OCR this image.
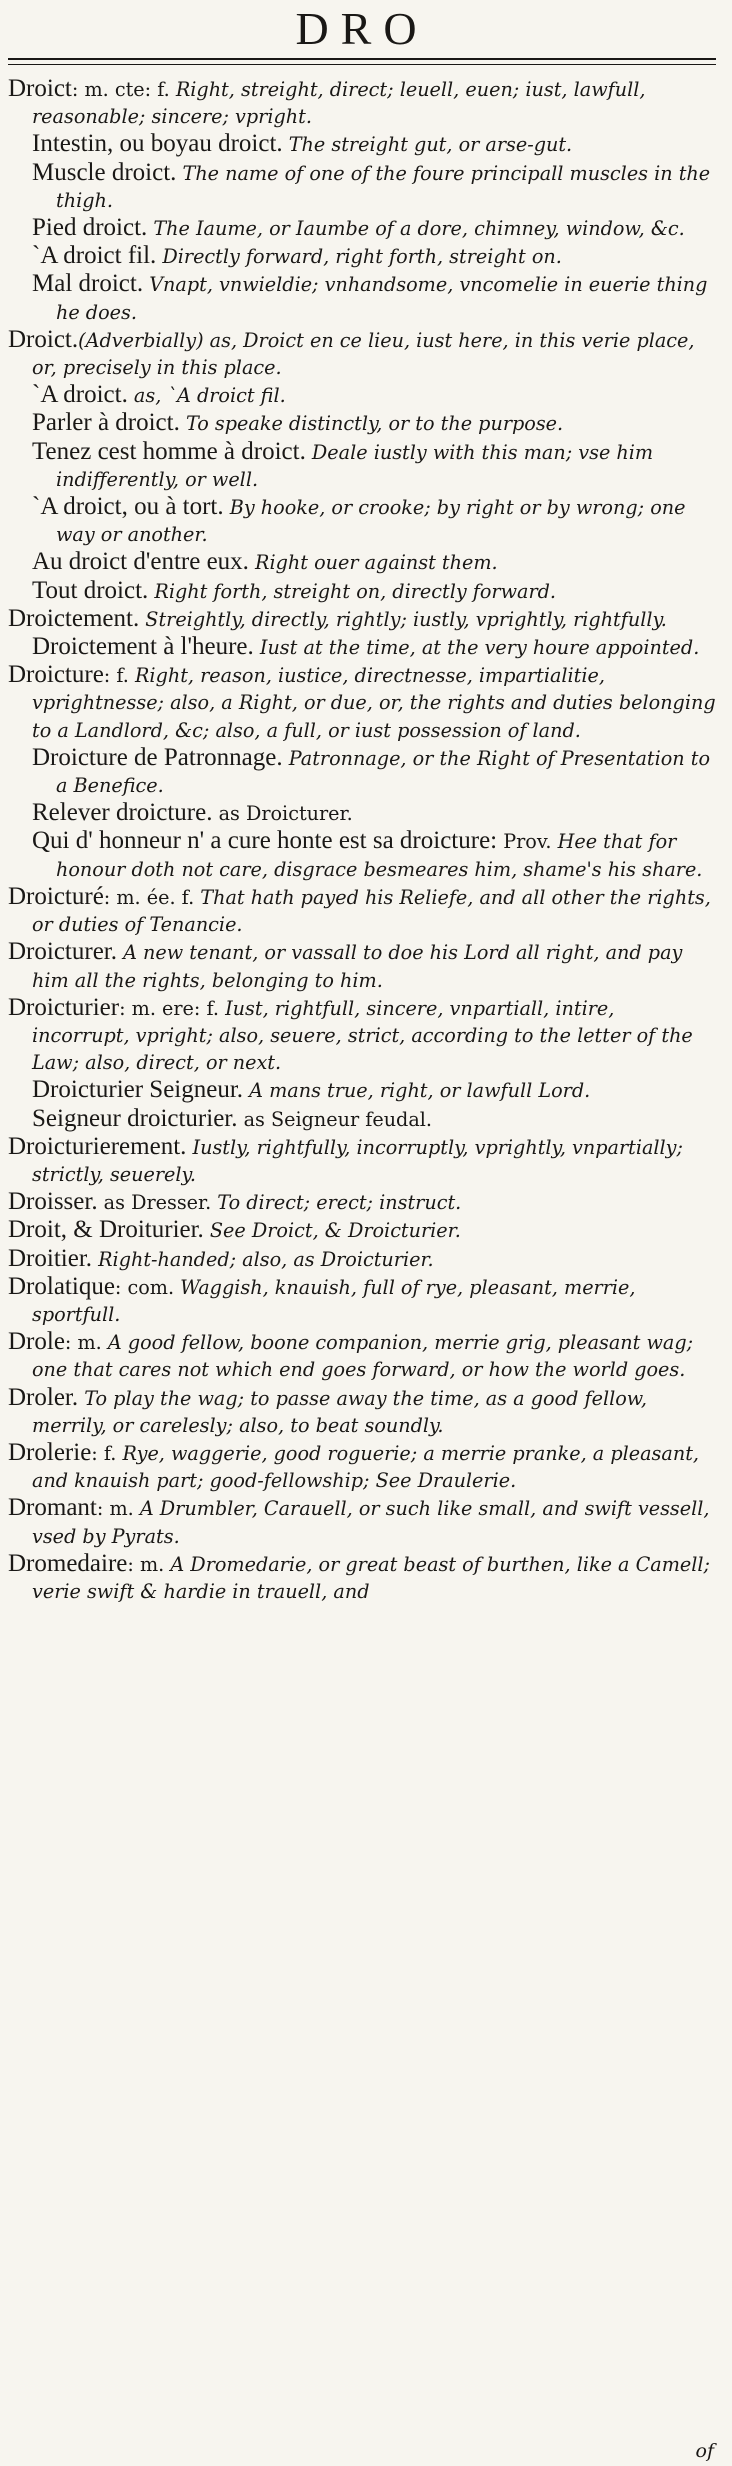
DRO

Droict: m. cte: f. Right, streight, direct; leuell, euen; iust, lawfull, reasonable; sincere; vpright.

Intestin, ou boyau droict. The streight gut, or arse-gut.

Muscle droict. The name of one of the foure principall muscles in the thigh.

Pied droict. The Iaume, or Iaumbe of a dore, chimney, window, &c.

`A droict fil. Directly forward, right forth, streight on.

Mal droict. Vnapt, vnwieldie; vnhandsome, vncomelie in euerie thing he does.

Droict.(Adverbially) as, Droict en ce lieu, iust here, in this verie place, or, precisely in this place.

`A droict. as, `A droict fil.

Parler à droict. To speake distinctly, or to the purpose.

Tenez cest homme à droict. Deale iustly with this man; vse him indifferently, or well.

`A droict, ou à tort. By hooke, or crooke; by right or by wrong; one way or another.

Au droict d'entre eux. Right ouer against them.

Tout droict. Right forth, streight on, directly forward.

Droictement. Streightly, directly, rightly; iustly, vprightly, rightfully.

Droictement à l'heure. Iust at the time, at the very houre appointed.

Droicture: f. Right, reason, iustice, directnesse, impartialitie, vprightnesse; also, a Right, or due, or, the rights and duties belonging to a Landlord, &c; also, a full, or iust possession of land.

Droicture de Patronnage. Patronnage, or the Right of Presentation to a Benefice.

Relever droicture. as Droicturer.

Qui d' honneur n' a cure honte est sa droicture: Prov. Hee that for honour doth not care, disgrace besmeares him, shame's his share.

Droicturé: m. ée. f. That hath payed his Reliefe, and all other the rights, or duties of Tenancie.

Droicturer. A new tenant, or vassall to doe his Lord all right, and pay him all the rights, belonging to him.

Droicturier: m. ere: f. Iust, rightfull, sincere, vnpartiall, intire, incorrupt, vpright; also, seuere, strict, according to the letter of the Law; also, direct, or next.

Droicturier Seigneur. A mans true, right, or lawfull Lord.

Seigneur droicturier. as Seigneur feudal.

Droicturierement. Iustly, rightfully, incorruptly, vprightly, vnpartially; strictly, seuerely.

Droisser. as Dresser. To direct; erect; instruct.

Droit, & Droiturier. See Droict, & Droicturier.

Droitier. Right-handed; also, as Droicturier.

Drolatique: com. Waggish, knauish, full of rye, pleasant, merrie, sportfull.

Drole: m. A good fellow, boone companion, merrie grig, pleasant wag; one that cares not which end goes forward, or how the world goes.

Droler. To play the wag; to passe away the time, as a good fellow, merrily, or carelesly; also, to beat soundly.

Drolerie: f. Rye, waggerie, good roguerie; a merrie pranke, a pleasant, and knauish part; good-fellowship; See Draulerie.

Dromant: m. A Drumbler, Carauell, or such like small, and swift vessell, vsed by Pyrats.

Dromedaire: m. A Dromedarie, or great beast of burthen, like a Camell; verie swift & hardie in trauell, and

of
